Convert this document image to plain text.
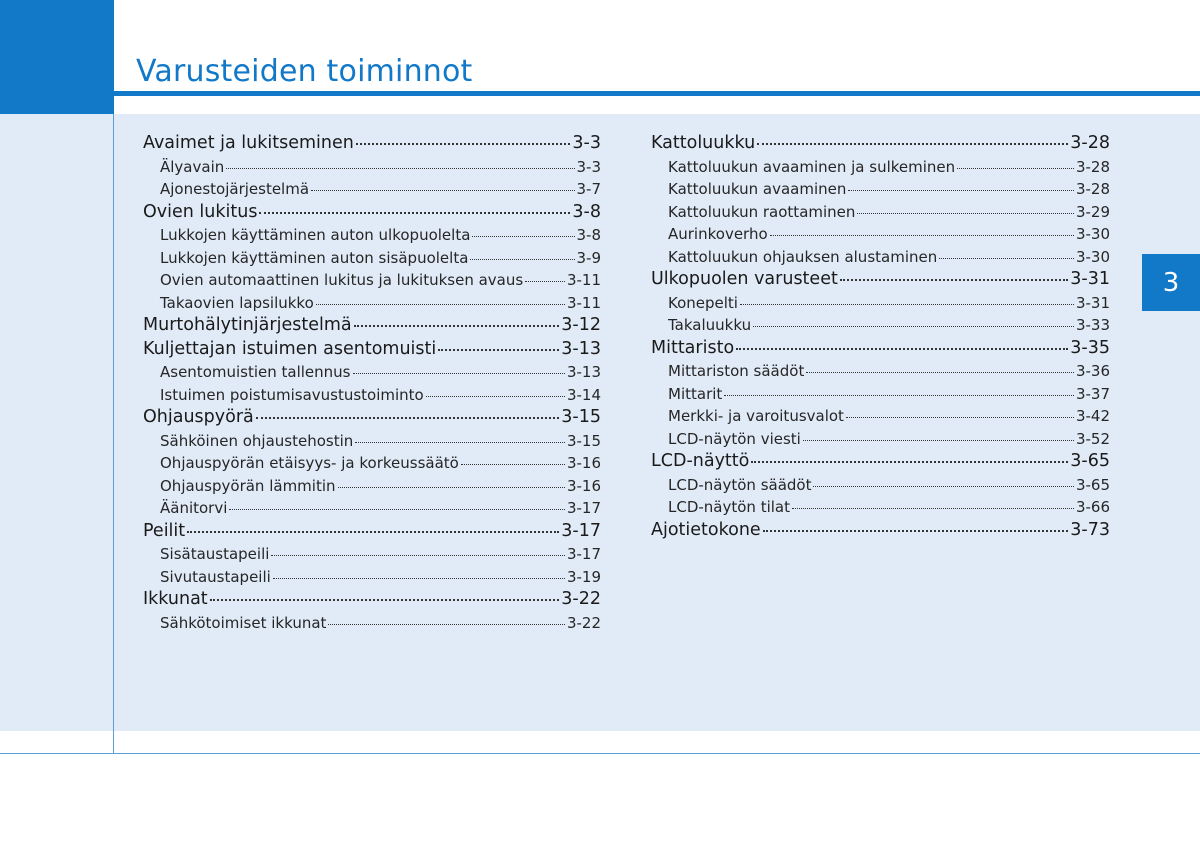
Varusteiden toiminnot
Avaimet ja lukitseminen	3-3
Älyavain	3-3
Ajonestojärjestelmä	3-7
Ovien lukitus	3-8
Lukkojen käyttäminen auton ulkopuolelta	3-8
Lukkojen käyttäminen auton sisäpuolelta	3-9
Ovien automaattinen lukitus ja lukituksen avaus	3-11
Takaovien lapsilukko	3-11
Murtohälytinjärjestelmä	3-12
Kuljettajan istuimen asentomuisti	3-13
Asentomuistien tallennus	3-13
Istuimen poistumisavustustoiminto	3-14
Ohjauspyörä	3-15
Sähköinen ohjaustehostin	3-15
Ohjauspyörän etäisyys- ja korkeussäätö	3-16
Ohjauspyörän lämmitin	3-16
Äänitorvi	3-17
Peilit	3-17
Sisätaustapeili	3-17
Sivutaustapeili	3-19
Ikkunat	3-22
Sähkötoimiset ikkunat	3-22
Kattoluukku	3-28
Kattoluukun avaaminen ja sulkeminen	3-28
Kattoluukun avaaminen	3-28
Kattoluukun raottaminen	3-29
Aurinkoverho	3-30
Kattoluukun ohjauksen alustaminen	3-30
Ulkopuolen varusteet	3-31
Konepelti	3-31
Takaluukku	3-33
Mittaristo	3-35
Mittariston säädöt	3-36
Mittarit	3-37
Merkki- ja varoitusvalot	3-42
LCD-näytön viesti	3-52
LCD-näyttö	3-65
LCD-näytön säädöt	3-65
LCD-näytön tilat	3-66
Ajotietokone	3-73
3
